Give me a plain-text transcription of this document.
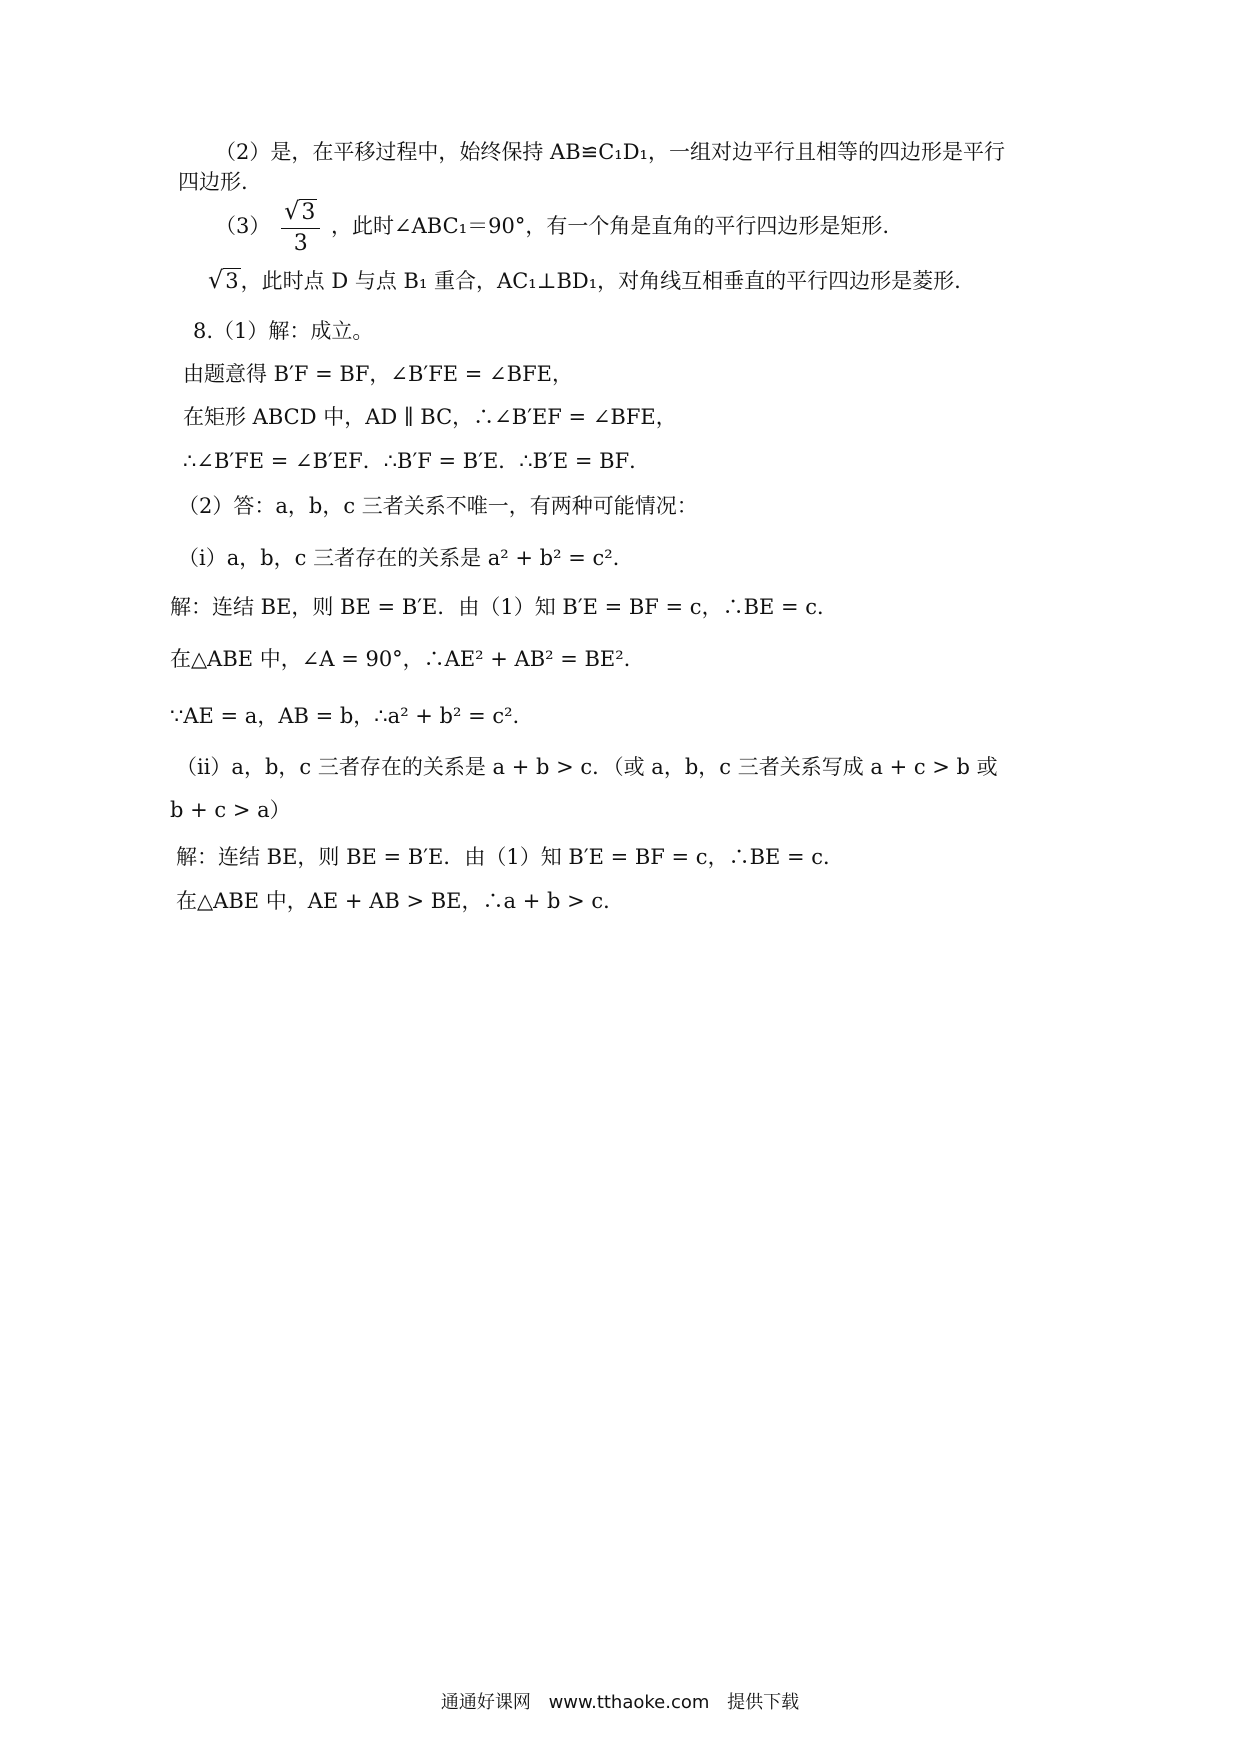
（2）是，在平移过程中，始终保持 AB≌C₁D₁，一组对边平行且相等的四边形是平行
四边形.
$(3) \frac{√3}{3}$ ，此时∠ABC₁＝90°，有一个角是直角的平行四边形是矩形.
√3，此时点 D 与点 B₁ 重合，AC₁⊥BD₁，对角线互相垂直的平行四边形是菱形.
8.（1）解：成立。
由题意得 B′F = BF，∠B′FE = ∠BFE，
在矩形 ABCD 中，AD ∥ BC，∴∠B′EF = ∠BFE，
∴∠B′FE = ∠B′EF．∴B′F = B′E．∴B′E = BF．
（2）答：a，b，c 三者关系不唯一，有两种可能情况：
（ⅰ）a，b，c 三者存在的关系是 a² + b² = c².
解：连结 BE，则 BE = B′E．由（1）知 B′E = BF = c，∴BE = c．
在△ABE 中，∠A = 90°，∴AE² + AB² = BE².
∵AE = a，AB = b，∴a² + b² = c².
（ⅱ）a，b，c 三者存在的关系是 a + b > c．（或 a，b，c 三者关系写成 a + c > b 或
b + c > a）
解：连结 BE，则 BE = B′E．由（1）知 B′E = BF = c，∴BE = c．
在△ABE 中，AE + AB > BE，∴a + b > c．
通通好课网 www.tthaoke.com 提供下载
